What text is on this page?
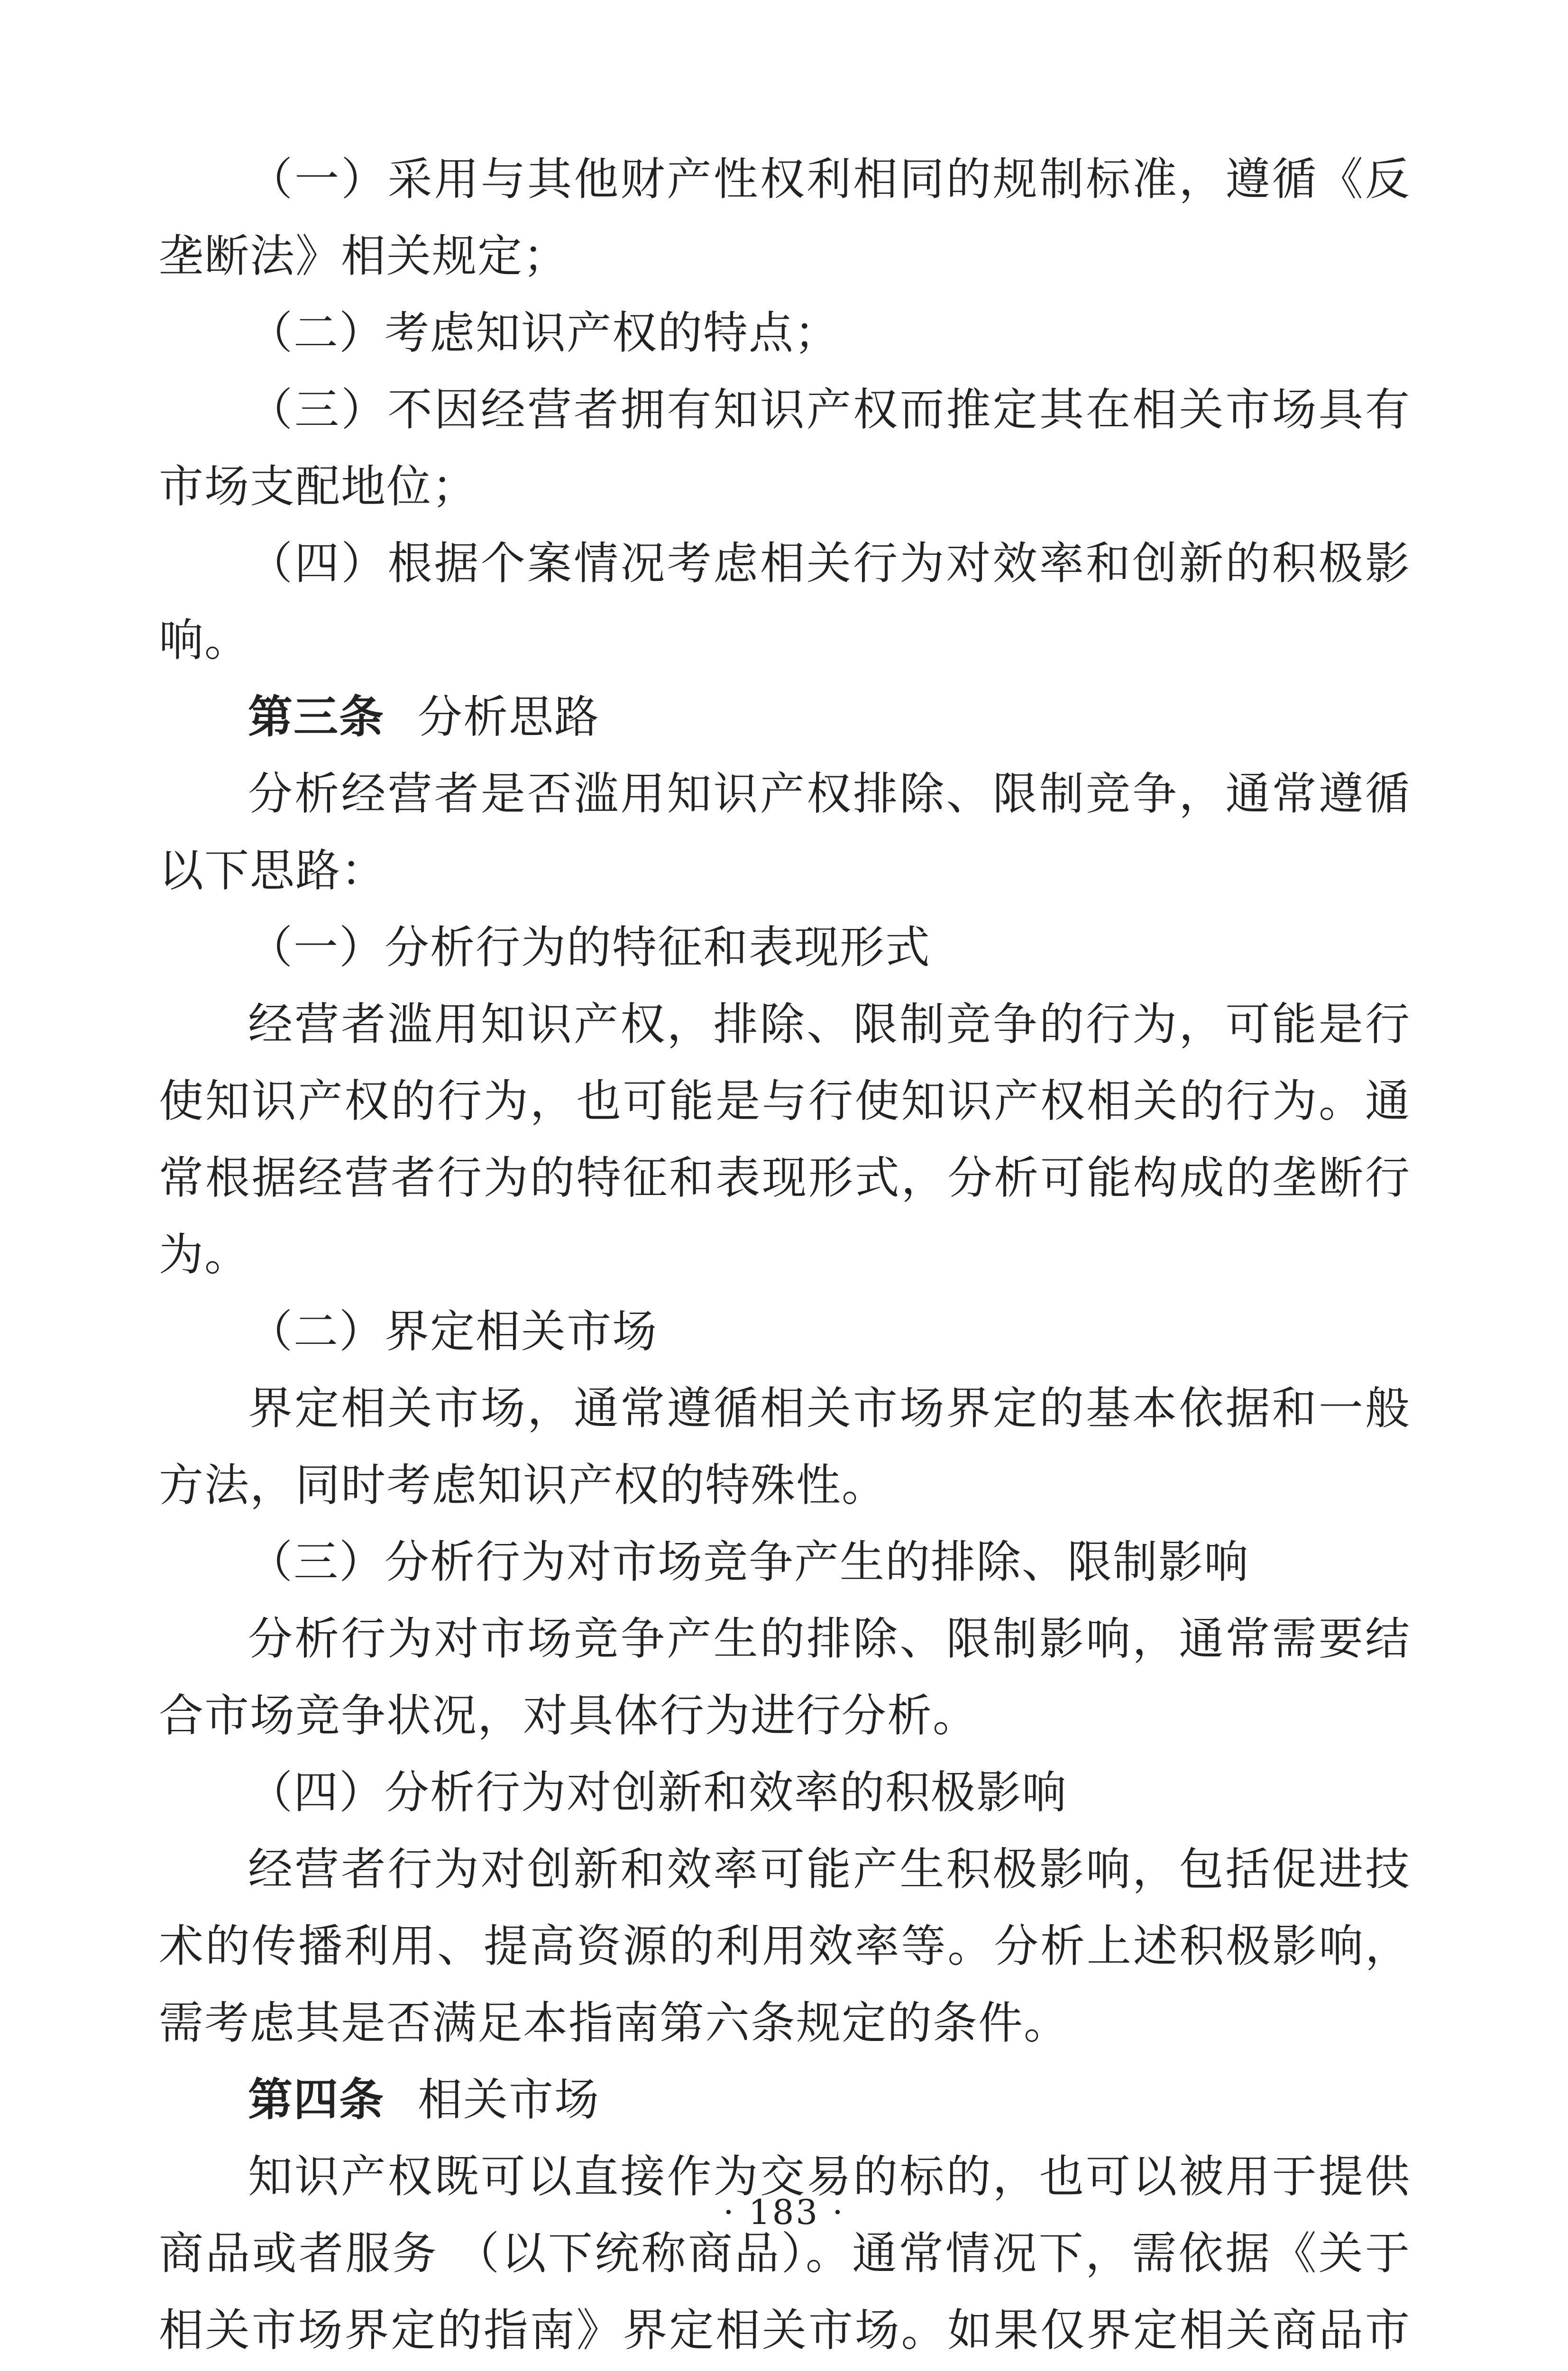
（一）采用与其他财产性权利相同的规制标准，遵循《反垄断法》相关规定；

（二）考虑知识产权的特点；

（三）不因经营者拥有知识产权而推定其在相关市场具有市场支配地位；

（四）根据个案情况考虑相关行为对效率和创新的积极影响。

第三条 分析思路

分析经营者是否滥用知识产权排除、限制竞争，通常遵循以下思路：

（一）分析行为的特征和表现形式

经营者滥用知识产权，排除、限制竞争的行为，可能是行使知识产权的行为，也可能是与行使知识产权相关的行为。通常根据经营者行为的特征和表现形式，分析可能构成的垄断行为。

（二）界定相关市场

界定相关市场，通常遵循相关市场界定的基本依据和一般方法，同时考虑知识产权的特殊性。

（三）分析行为对市场竞争产生的排除、限制影响

分析行为对市场竞争产生的排除、限制影响，通常需要结合市场竞争状况，对具体行为进行分析。

（四）分析行为对创新和效率的积极影响

经营者行为对创新和效率可能产生积极影响，包括促进技术的传播利用、提高资源的利用效率等。分析上述积极影响，需考虑其是否满足本指南第六条规定的条件。

第四条 相关市场

知识产权既可以直接作为交易的标的，也可以被用于提供商品或者服务 （以下统称商品）。通常情况下，需依据《关于相关市场界定的指南》界定相关市场。如果仅界定相关商品市

· 183 ·
